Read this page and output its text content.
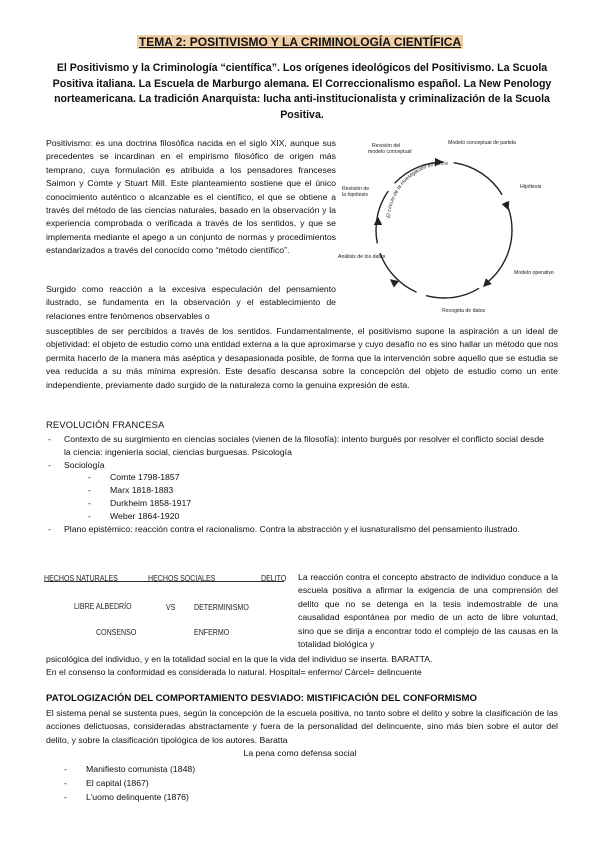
TEMA 2: POSITIVISMO Y LA CRIMINOLOGÍA CIENTÍFICA
El Positivismo y la Criminología “científica”. Los orígenes ideológicos del Positivismo. La Scuola Positiva italiana. La Escuela de Marburgo alemana. El Correccionalismo español. La New Penology norteamericana. La tradición Anarquista: lucha anti-institucionalista y criminalización de la Scuola Positiva.
Positivismo: es una doctrina filosófica nacida en el siglo XIX, aunque sus precedentes se incardinan en el empirismo filosófico de origen más temprano, cuya formulación es atribuida a los pensadores franceses Saimon y Comte y Stuart Mill. Este planteamiento sostiene que el único conocimiento auténtico o alcanzable es el científico, el que se obtiene a través del método de las ciencias naturales, basado en la observación y la experiencia comprobada o verificada a través de los sentidos, y que se implementa mediante el apego a un conjunto de normas y procedimientos estandarizados a través del conocido como “método científico”.
Surgido como reacción a la excesiva especulación del pensamiento ilustrado, se fundamenta en la observación y el establecimiento de relaciones entre fenómenos observables o
susceptibles de ser percibidos a través de los sentidos. Fundamentalmente, el positivismo supone la aspiración a un ideal de objetividad: el objeto de estudio como una entidad externa a la que aproximarse y cuyo desafío no es sino hallar un método que nos permita hacerlo de la manera más aséptica y desapasionada posible, de forma que la intervención sobre aquello que se estudia se vea reducida a su más mínima expresión. Este desafío descansa sobre la concepción del objeto de estudio como un ente independiente, previamente dado surgido de la naturaleza como la genuina expresión de esta.
El círculo de la investigación empírica
Modelo conceptual de partida
Hipótesis
Modelo operativo
Recogida de datos
Análisis de los datos
Revisión de
la hipótesis
Revisión del
modelo conceptual
REVOLUCIÓN FRANCESA
- Contexto de su surgimiento en ciencias sociales (vienen de la filosofía): intento burgués por resolver el conflicto social desde la ciencia: ingeniería social, ciencias burguesas. Psicología
- Sociología
- Comte 1798-1857
- Marx 1818-1883
- Durkheim 1858-1917
- Weber 1864-1920
- Plano epistémico: reacción contra el racionalismo. Contra la abstracción y el iusnaturalismo del pensamiento ilustrado.
HECHOS NATURALES	HECHOS SOCIALES	DELITO
LIBRE ALBEDRÍO	VS DETERMINISMO
CONSENSO	ENFERMO
La reacción contra el concepto abstracto de individuo conduce a la escuela positiva a afirmar la exigencia de una comprensión del delito que no se detenga en la tesis indemostrable de una causalidad espontánea por medio de un acto de libre voluntad, sino que se dirija a encontrar todo el complejo de las causas en la totalidad biológica y
psicológica del individuo, y en la totalidad social en la que la vida del individuo se inserta. BARATTA.
En el consenso la conformidad es considerada lo natural. Hospital= enfermo/ Cárcel= delincuente
PATOLOGIZACIÓN DEL COMPORTAMIENTO DESVIADO: MISTIFICACIÓN DEL CONFORMISMO
El sistema penal se sustenta pues, según la concepción de la escuela positiva, no tanto sobre el delito y sobre la clasificación de las acciones delictuosas, consideradas abstractamente y fuera de la personalidad del delincuente, sino más bien sobre el autor del delito, y sobre la clasificación tipológica de los autores. Baratta
La pena como defensa social
- Manifiesto comunista (1848)
- El capital (1867)
- L’uomo delinquente (1876)
